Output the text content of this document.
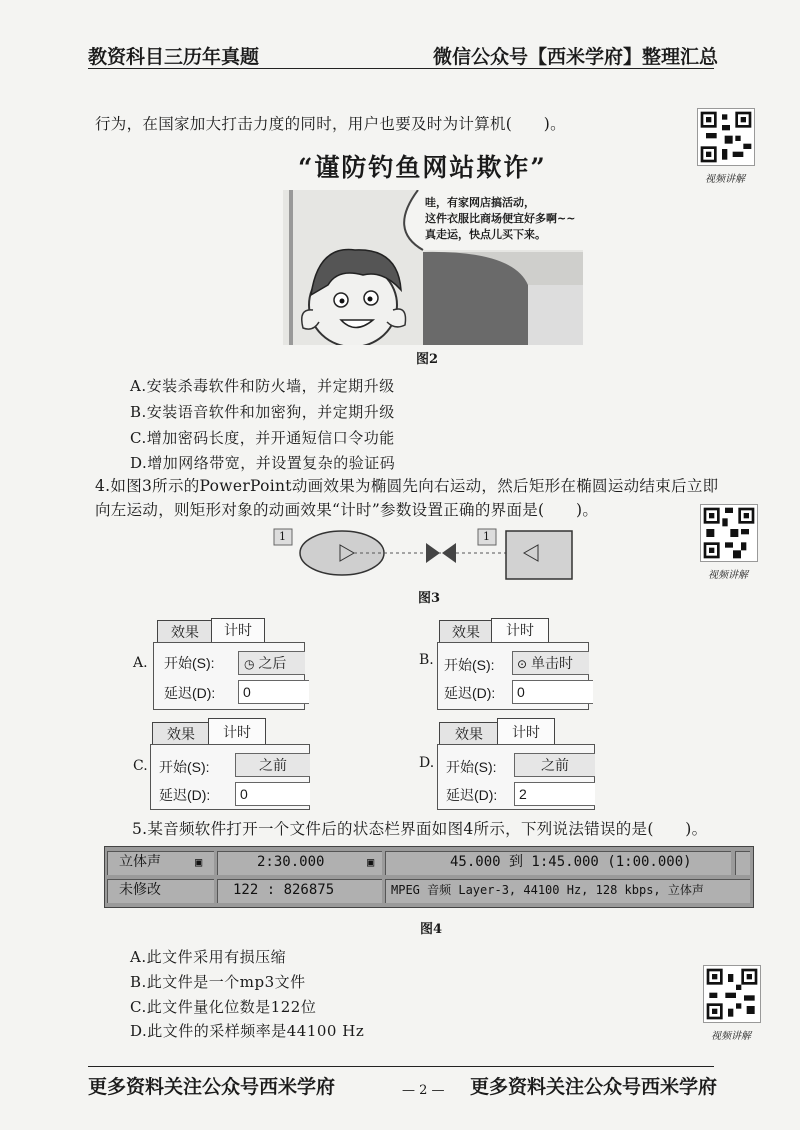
教资科目三历年真题	微信公众号【西米学府】整理汇总
行为，在国家加大打击力度的同时，用户也要及时为计算机(　　)。
视频讲解
“谨防钓鱼网站欺诈”
哇，有家网店搞活动，
这件衣服比商场便宜好多啊~~
真走运，快点儿买下来。
图2
A.安装杀毒软件和防火墙，并定期升级
B.安装语音软件和加密狗，并定期升级
C.增加密码长度，并开通短信口令功能
D.增加网络带宽，并设置复杂的验证码
4.如图3所示的PowerPoint动画效果为椭圆先向右运动，然后矩形在椭圆运动结束后立即
向左运动，则矩形对象的动画效果“计时”参数设置正确的界面是(　　)。
视频讲解
1	1
图3
A.
效果	计时
开始(S):	◷ 之后
延迟(D):	0
B.
效果	计时
开始(S):	⊙ 单击时
延迟(D):	0
C.
效果	计时
开始(S):	之前
延迟(D):	0
D.
效果	计时
开始(S):	之前
延迟(D):	2
5.某音频软件打开一个文件后的状态栏界面如图4所示，下列说法错误的是(　　)。
立体声	▣	2:30.000	▣	45.000 到 1:45.000 (1:00.000)
未修改	122 : 826875	MPEG 音频 Layer-3, 44100 Hz, 128 kbps, 立体声
图4
A.此文件采用有损压缩
B.此文件是一个mp3文件
C.此文件量化位数是122位
D.此文件的采样频率是44100 Hz	视频讲解
更多资料关注公众号西米学府	— 2 — 更多资料关注公众号西米学府
